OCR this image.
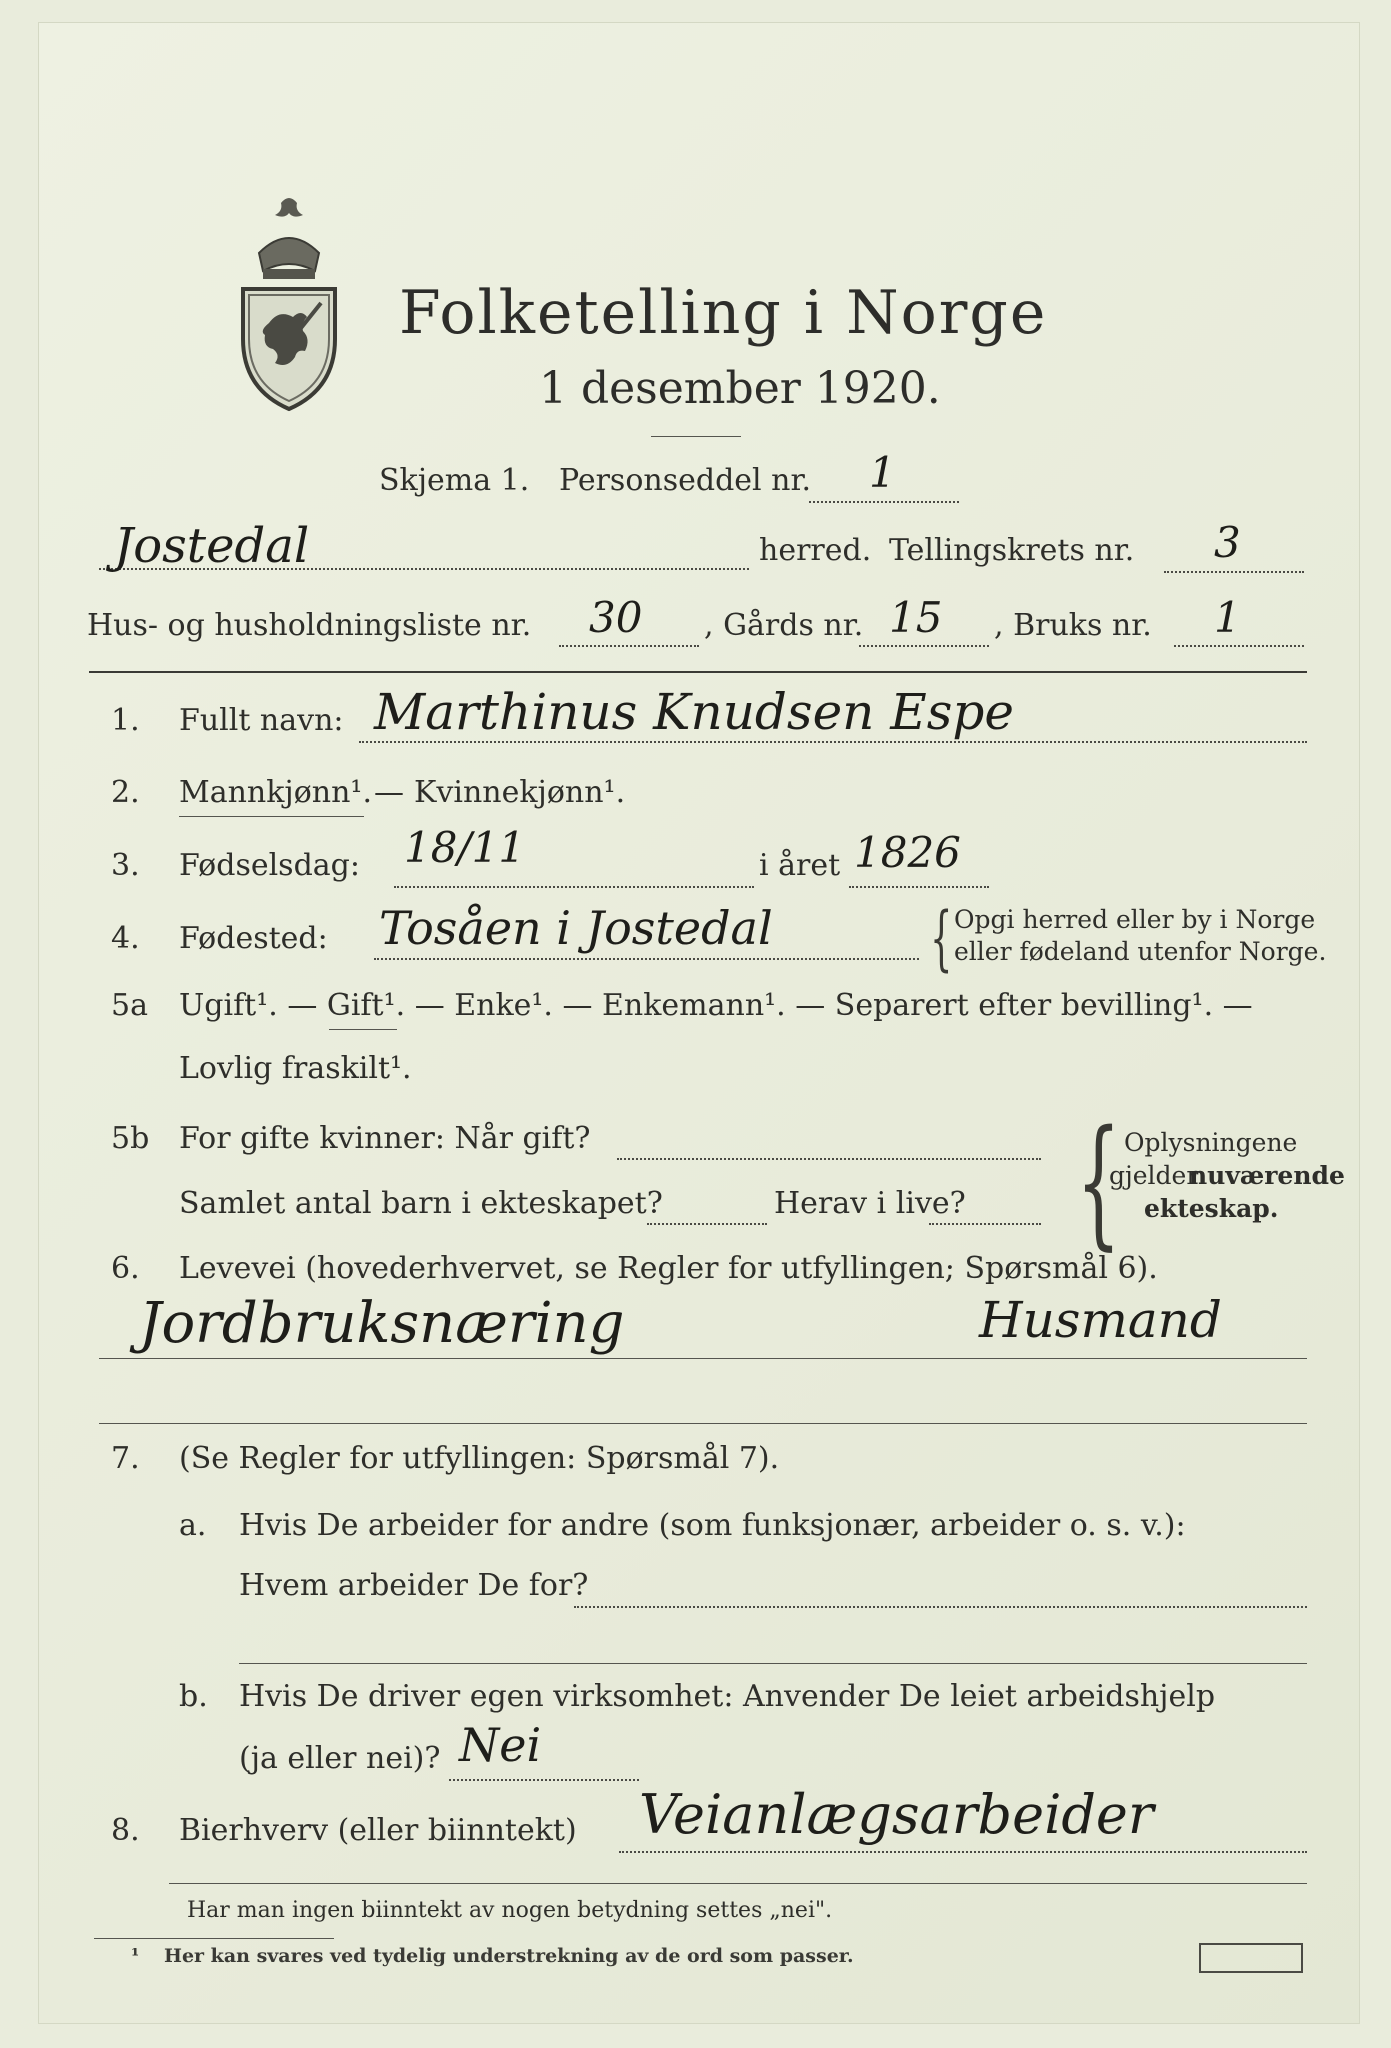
Folketelling i Norge
1 desember 1920.
Skjema 1. Personseddel nr. 1
Jostedal	herred. Tellingskrets nr. 3
Hus- og husholdningsliste nr. 30 , Gårds nr. 15 , Bruks nr. 1
1. Fullt navn: Marthinus Knudsen Espe
2. Mannkjønn¹. — Kvinnekjønn¹.
3. Fødselsdag: 18/11	i året 1826
4. Fødested: Tosåen i Jostedal { Opgi herred eller by i Norge
eller fødeland utenfor Norge.
5a Ugift¹. — Gift¹. — Enke¹. — Enkemann¹. — Separert efter bevilling¹. —
Lovlig fraskilt¹.
5b For gifte kvinner: Når gift?
Samlet antal barn i ekteskapet?	Herav i live? { Oplysningene
gjelder
nuværende
ekteskap.
6. Levevei (hovederhvervet, se Regler for utfyllingen; Spørsmål 6).
Jordbruksnæring	Husmand
7. (Se Regler for utfyllingen: Spørsmål 7).
a. Hvis De arbeider for andre (som funksjonær, arbeider o. s. v.):
Hvem arbeider De for?
b. Hvis De driver egen virksomhet: Anvender De leiet arbeidshjelp
(ja eller nei)? Nei
8. Bierhverv (eller biinntekt) Veianlægsarbeider
Har man ingen biinntekt av nogen betydning settes „nei".
¹ Her kan svares ved tydelig understrekning av de ord som passer.
